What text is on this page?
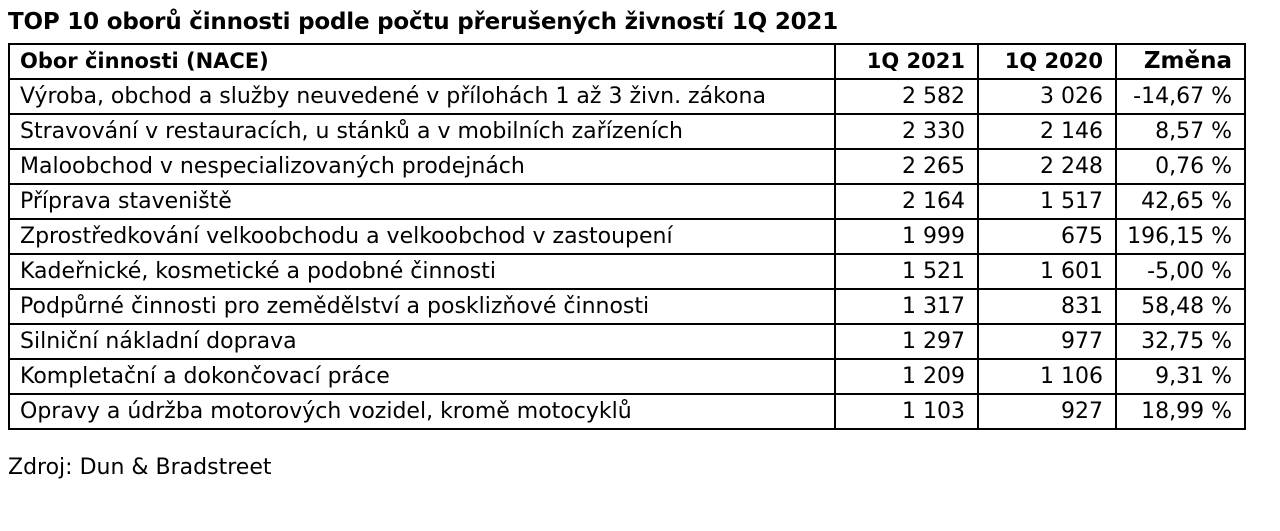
TOP 10 oborů činnosti podle počtu přerušených živností 1Q 2021
Obor činnosti (NACE)	1Q 2021	1Q 2020	Změna
Výroba, obchod a služby neuvedené v přílohách 1 až 3 živn. zákona	2 582	3 026	-14,67 %
Stravování v restauracích, u stánků a v mobilních zařízeních	2 330	2 146	8,57 %
Maloobchod v nespecializovaných prodejnách	2 265	2 248	0,76 %
Příprava staveniště	2 164	1 517	42,65 %
Zprostředkování velkoobchodu a velkoobchod v zastoupení	1 999	675	196,15 %
Kadeřnické, kosmetické a podobné činnosti	1 521	1 601	-5,00 %
Podpůrné činnosti pro zemědělství a posklizňové činnosti	1 317	831	58,48 %
Silniční nákladní doprava	1 297	977	32,75 %
Kompletační a dokončovací práce	1 209	1 106	9,31 %
Opravy a údržba motorových vozidel, kromě motocyklů	1 103	927	18,99 %
Zdroj: Dun & Bradstreet
